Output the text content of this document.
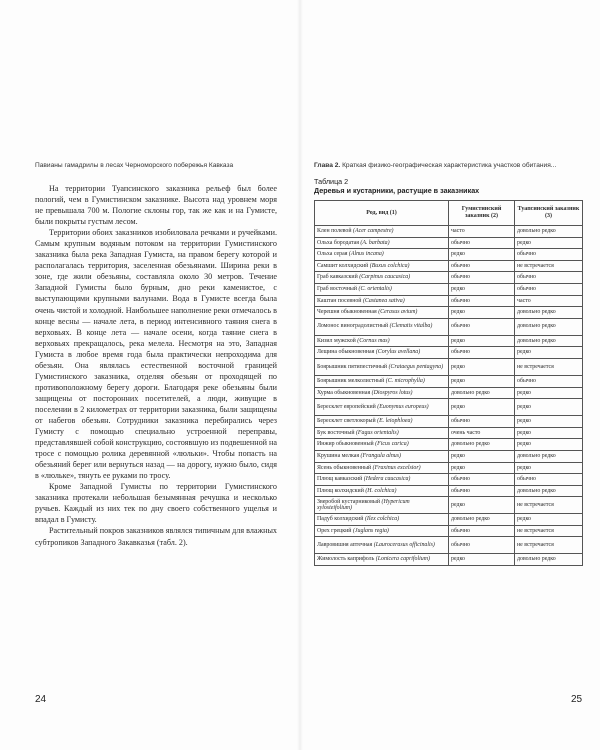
Павианы гамадрилы в лесах Черноморского побережья Кавказа

На территории Туапсинского заказника рельеф был более пологий, чем в Гумистинском заказнике. Высота над уровнем моря не превышала 700 м. Пологие склоны гор, так же как и на Гумисте, были покрыты густым лесом.

Территории обоих заказников изобиловала речками и ручейками. Самым крупным водяным потоком на территории Гумистинского заказника была река Западная Гумиста, на правом берегу которой и располагалась территория, заселенная обезьянами. Ширина реки в зоне, где жили обезьяны, составляла около 30 метров. Течение Западной Гумисты было бурным, дно реки каменистое, с выступающими крупными валунами. Вода в Гумисте всегда была очень чистой и холодной. Наибольшее наполнение реки отмечалось в конце весны — начале лета, в период интенсивного таяния снега в верховьях. В конце лета — начале осени, когда таяние снега в верховьях прекращалось, река мелела. Несмотря на это, Западная Гумиста в любое время года была практически непроходима для обезьян. Она являлась естественной восточной границей Гумистинского заказника, отделяя обезьян от проходящей по противоположному берегу дороги. Благодаря реке обезьяны были защищены от посторонних посетителей, а люди, живущие в поселении в 2 километрах от территории заказника, были защищены от набегов обезьян. Сотрудники заказника перебирались через Гумисту с помощью специально устроенной переправы, представлявшей собой конструкцию, состоявшую из подвешенной на тросе с помощью ролика деревянной «люльки». Чтобы попасть на обезьяний берег или вернуться назад — на дорогу, нужно было, сидя в «люльке», тянуть ее руками по тросу.

Кроме Западной Гумисты по территории Гумистинского заказника протекали небольшая безымянная речушка и несколько ручьев. Каждый из них тек по дну своего собственного ущелья и впадал в Гумисту.

Растительный покров заказников являлся типичным для влажных субтропиков Западного Закавказья (табл. 2).

24
Глава 2. Краткая физико-географическая характеристика участков обитания...
Таблица 2
Деревья и кустарники, растущие в заказниках
Род, вид (1)	Гумистинский заказник (2)	Туапсинский заказник (3)
Клен полевой (Acer campestre)	часто	довольно редко
Ольха бородатая (A. barbata)	обычно	редко
Ольха серая (Alnus incana)	редко	обычно
Самшит колхидский (Buxus colchica)	обычно	не встречается
Граб кавказский (Carpinus caucasica)	обычно	обычно
Граб восточный (C. orientalis)	редко	обычно
Каштан посевной (Castanea sativa)	обычно	часто
Черешня обыкновенная (Cerasus avium)	редко	довольно редко
Ломонос виноградолистный (Clematis vitalba)	обычно	довольно редко
Кизил мужской (Cornus mas)	редко	довольно редко
Лещина обыкновенная (Corylus avellana)	обычно	редко
Боярышник пятипестичный (Crataegus pentagyna)	редко	не встречается
Боярышник мелколистный (C. microphylla)	редко	обычно
Хурма обыкновенная (Diospyros lotus)	довольно редко	редко
Бересклет европейский (Euonymus europeus)	редко	редко
Бересклет светлокорый (E. leiophloea)	обычно	редко
Бук восточный (Fagus orientalis)	очень часто	редко
Инжир обыкновенный (Ficus carica)	довольно редко	редко
Крушина мелкая (Frangula alnus)	редко	довольно редко
Ясень обыкновенный (Fraxinus excelsior)	редко	редко
Плющ кавказский (Hedera caucasica)	обычно	обычно
Плющ колхидский (H. colchica)	обычно	довольно редко
Зверобой кустарниковый (Hypericum xylosteifolium)	редко	не встречается
Падуб колхидский (Ilex colchica)	довольно редко	редко
Орех грецкий (Juglans regia)	обычно	не встречается
Лавровишня аптечная (Laurocerasus officinalis)	обычно	не встречается
Жимолость каприфоль (Lonicera caprifolium)	редко	довольно редко
25
